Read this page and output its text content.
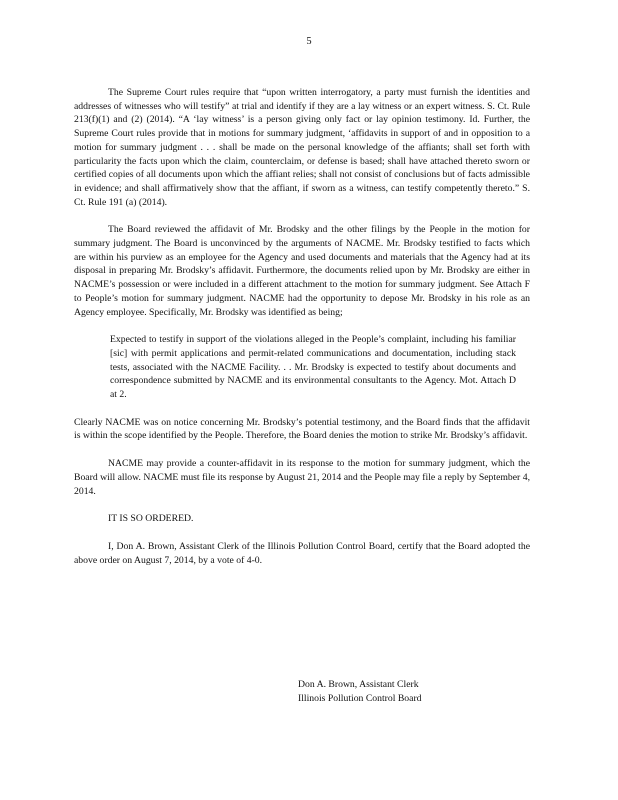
5

The Supreme Court rules require that “upon written interrogatory, a party must furnish the identities and addresses of witnesses who will testify” at trial and identify if they are a lay witness or an expert witness. S. Ct. Rule 213(f)(1) and (2) (2014). “A ‘lay witness’ is a person giving only fact or lay opinion testimony. Id. Further, the Supreme Court rules provide that in motions for summary judgment, ‘affidavits in support of and in opposition to a motion for summary judgment . . . shall be made on the personal knowledge of the affiants; shall set forth with particularity the facts upon which the claim, counterclaim, or defense is based; shall have attached thereto sworn or certified copies of all documents upon which the affiant relies; shall not consist of conclusions but of facts admissible in evidence; and shall affirmatively show that the affiant, if sworn as a witness, can testify competently thereto.” S. Ct. Rule 191 (a) (2014).

The Board reviewed the affidavit of Mr. Brodsky and the other filings by the People in the motion for summary judgment. The Board is unconvinced by the arguments of NACME. Mr. Brodsky testified to facts which are within his purview as an employee for the Agency and used documents and materials that the Agency had at its disposal in preparing Mr. Brodsky’s affidavit. Furthermore, the documents relied upon by Mr. Brodsky are either in NACME’s possession or were included in a different attachment to the motion for summary judgment. See Attach F to People’s motion for summary judgment. NACME had the opportunity to depose Mr. Brodsky in his role as an Agency employee. Specifically, Mr. Brodsky was identified as being;

Expected to testify in support of the violations alleged in the People’s complaint, including his familiar [sic] with permit applications and permit-related communications and documentation, including stack tests, associated with the NACME Facility. . . Mr. Brodsky is expected to testify about documents and correspondence submitted by NACME and its environmental consultants to the Agency. Mot. Attach D at 2.

Clearly NACME was on notice concerning Mr. Brodsky’s potential testimony, and the Board finds that the affidavit is within the scope identified by the People. Therefore, the Board denies the motion to strike Mr. Brodsky’s affidavit.

NACME may provide a counter-affidavit in its response to the motion for summary judgment, which the Board will allow. NACME must file its response by August 21, 2014 and the People may file a reply by September 4, 2014.

IT IS SO ORDERED.

I, Don A. Brown, Assistant Clerk of the Illinois Pollution Control Board, certify that the Board adopted the above order on August 7, 2014, by a vote of 4-0.

Don A. Brown, Assistant Clerk
Illinois Pollution Control Board
